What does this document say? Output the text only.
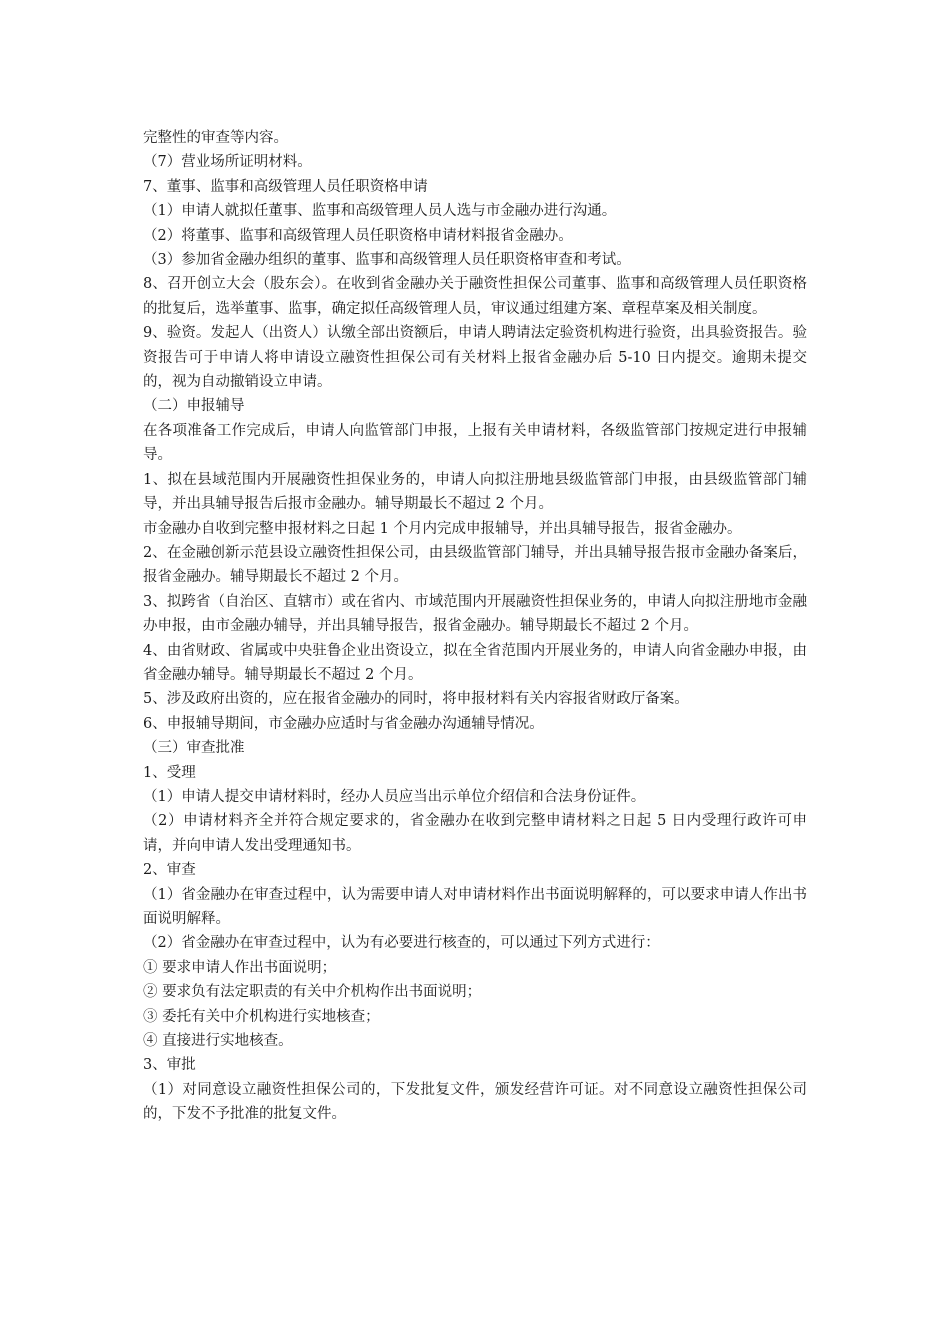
完整性的审查等内容。

（7）营业场所证明材料。

7、董事、监事和高级管理人员任职资格申请

（1）申请人就拟任董事、监事和高级管理人员人选与市金融办进行沟通。

（2）将董事、监事和高级管理人员任职资格申请材料报省金融办。

（3）参加省金融办组织的董事、监事和高级管理人员任职资格审查和考试。

8、召开创立大会（股东会）。在收到省金融办关于融资性担保公司董事、监事和高级管理人员任职资格的批复后，选举董事、监事，确定拟任高级管理人员，审议通过组建方案、章程草案及相关制度。

9、验资。发起人（出资人）认缴全部出资额后，申请人聘请法定验资机构进行验资，出具验资报告。验资报告可于申请人将申请设立融资性担保公司有关材料上报省金融办后 5-10 日内提交。逾期未提交的，视为自动撤销设立申请。

（二）申报辅导

在各项准备工作完成后，申请人向监管部门申报，上报有关申请材料，各级监管部门按规定进行申报辅导。

1、拟在县域范围内开展融资性担保业务的，申请人向拟注册地县级监管部门申报，由县级监管部门辅导，并出具辅导报告后报市金融办。辅导期最长不超过 2 个月。

市金融办自收到完整申报材料之日起 1 个月内完成申报辅导，并出具辅导报告，报省金融办。

2、在金融创新示范县设立融资性担保公司，由县级监管部门辅导，并出具辅导报告报市金融办备案后，报省金融办。辅导期最长不超过 2 个月。

3、拟跨省（自治区、直辖市）或在省内、市域范围内开展融资性担保业务的，申请人向拟注册地市金融办申报，由市金融办辅导，并出具辅导报告，报省金融办。辅导期最长不超过 2 个月。

4、由省财政、省属或中央驻鲁企业出资设立，拟在全省范围内开展业务的，申请人向省金融办申报，由省金融办辅导。辅导期最长不超过 2 个月。

5、涉及政府出资的，应在报省金融办的同时，将申报材料有关内容报省财政厅备案。

6、申报辅导期间，市金融办应适时与省金融办沟通辅导情况。

（三）审查批准

1、受理

（1）申请人提交申请材料时，经办人员应当出示单位介绍信和合法身份证件。

（2）申请材料齐全并符合规定要求的，省金融办在收到完整申请材料之日起 5 日内受理行政许可申请，并向申请人发出受理通知书。

2、审查

（1）省金融办在审查过程中，认为需要申请人对申请材料作出书面说明解释的，可以要求申请人作出书面说明解释。

（2）省金融办在审查过程中，认为有必要进行核查的，可以通过下列方式进行：

① 要求申请人作出书面说明；

② 要求负有法定职责的有关中介机构作出书面说明；

③ 委托有关中介机构进行实地核查；

④ 直接进行实地核查。

3、审批

（1）对同意设立融资性担保公司的，下发批复文件，颁发经营许可证。对不同意设立融资性担保公司的，下发不予批准的批复文件。
